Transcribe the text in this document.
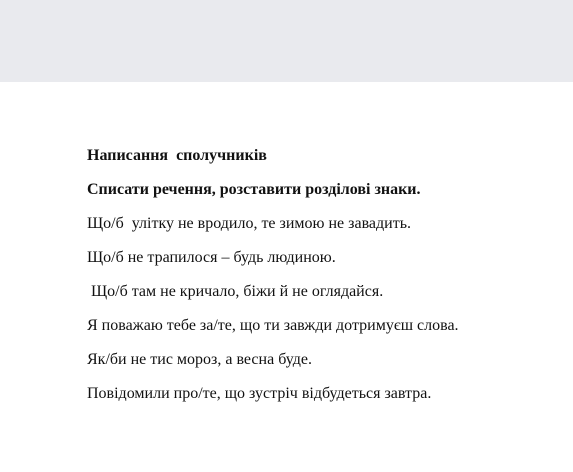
Написання  сполучників
Списати речення, розставити розділові знаки.
Що/б  улітку не вродило, те зимою не завадить.
Що/б не трапилося – будь людиною.
Що/б там не кричало, біжи й не оглядайся.
Я поважаю тебе за/те, що ти завжди дотримуєш слова.
Як/би не тис мороз, а весна буде.
Повідомили про/те, що зустріч відбудеться завтра.
